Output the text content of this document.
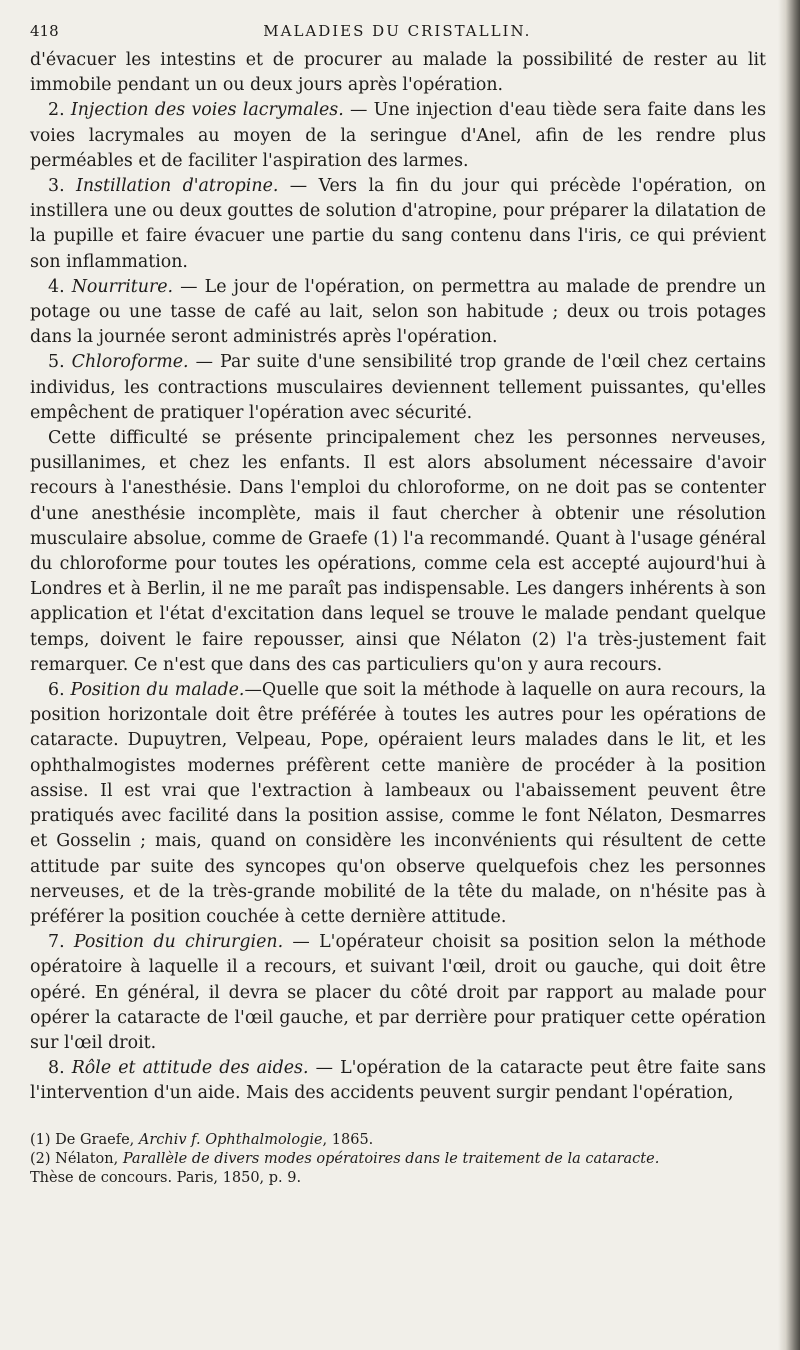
418	MALADIES DU CRISTALLIN.

d'évacuer les intestins et de procurer au malade la possibilité de rester au lit immobile pendant un ou deux jours après l'opération.

2. Injection des voies lacrymales. — Une injection d'eau tiède sera faite dans les voies lacrymales au moyen de la seringue d'Anel, afin de les rendre plus perméables et de faciliter l'aspiration des larmes.

3. Instillation d'atropine. — Vers la fin du jour qui précède l'opération, on instillera une ou deux gouttes de solution d'atropine, pour préparer la dilatation de la pupille et faire évacuer une partie du sang contenu dans l'iris, ce qui prévient son inflammation.

4. Nourriture. — Le jour de l'opération, on permettra au malade de prendre un potage ou une tasse de café au lait, selon son habitude ; deux ou trois potages dans la journée seront administrés après l'opération.

5. Chloroforme. — Par suite d'une sensibilité trop grande de l'œil chez certains individus, les contractions musculaires deviennent tellement puissantes, qu'elles empêchent de pratiquer l'opération avec sécurité.

Cette difficulté se présente principalement chez les personnes nerveuses, pusillanimes, et chez les enfants. Il est alors absolument nécessaire d'avoir recours à l'anesthésie. Dans l'emploi du chloroforme, on ne doit pas se contenter d'une anesthésie incomplète, mais il faut chercher à obtenir une résolution musculaire absolue, comme de Graefe (1) l'a recommandé. Quant à l'usage général du chloroforme pour toutes les opérations, comme cela est accepté aujourd'hui à Londres et à Berlin, il ne me paraît pas indispensable. Les dangers inhérents à son application et l'état d'excitation dans lequel se trouve le malade pendant quelque temps, doivent le faire repousser, ainsi que Nélaton (2) l'a très-justement fait remarquer. Ce n'est que dans des cas particuliers qu'on y aura recours.

6. Position du malade.—Quelle que soit la méthode à laquelle on aura recours, la position horizontale doit être préférée à toutes les autres pour les opérations de cataracte. Dupuytren, Velpeau, Pope, opéraient leurs malades dans le lit, et les ophthalmogistes modernes préfèrent cette manière de procéder à la position assise. Il est vrai que l'extraction à lambeaux ou l'abaissement peuvent être pratiqués avec facilité dans la position assise, comme le font Nélaton, Desmarres et Gosselin ; mais, quand on considère les inconvénients qui résultent de cette attitude par suite des syncopes qu'on observe quelquefois chez les personnes nerveuses, et de la très-grande mobilité de la tête du malade, on n'hésite pas à préférer la position couchée à cette dernière attitude.

7. Position du chirurgien. — L'opérateur choisit sa position selon la méthode opératoire à laquelle il a recours, et suivant l'œil, droit ou gauche, qui doit être opéré. En général, il devra se placer du côté droit par rapport au malade pour opérer la cataracte de l'œil gauche, et par derrière pour pratiquer cette opération sur l'œil droit.

8. Rôle et attitude des aides. — L'opération de la cataracte peut être faite sans l'intervention d'un aide. Mais des accidents peuvent surgir pendant l'opération,

(1) De Graefe, Archiv f. Ophthalmologie, 1865.
(2) Nélaton, Parallèle de divers modes opératoires dans le traitement de la cataracte.
Thèse de concours. Paris, 1850, p. 9.
